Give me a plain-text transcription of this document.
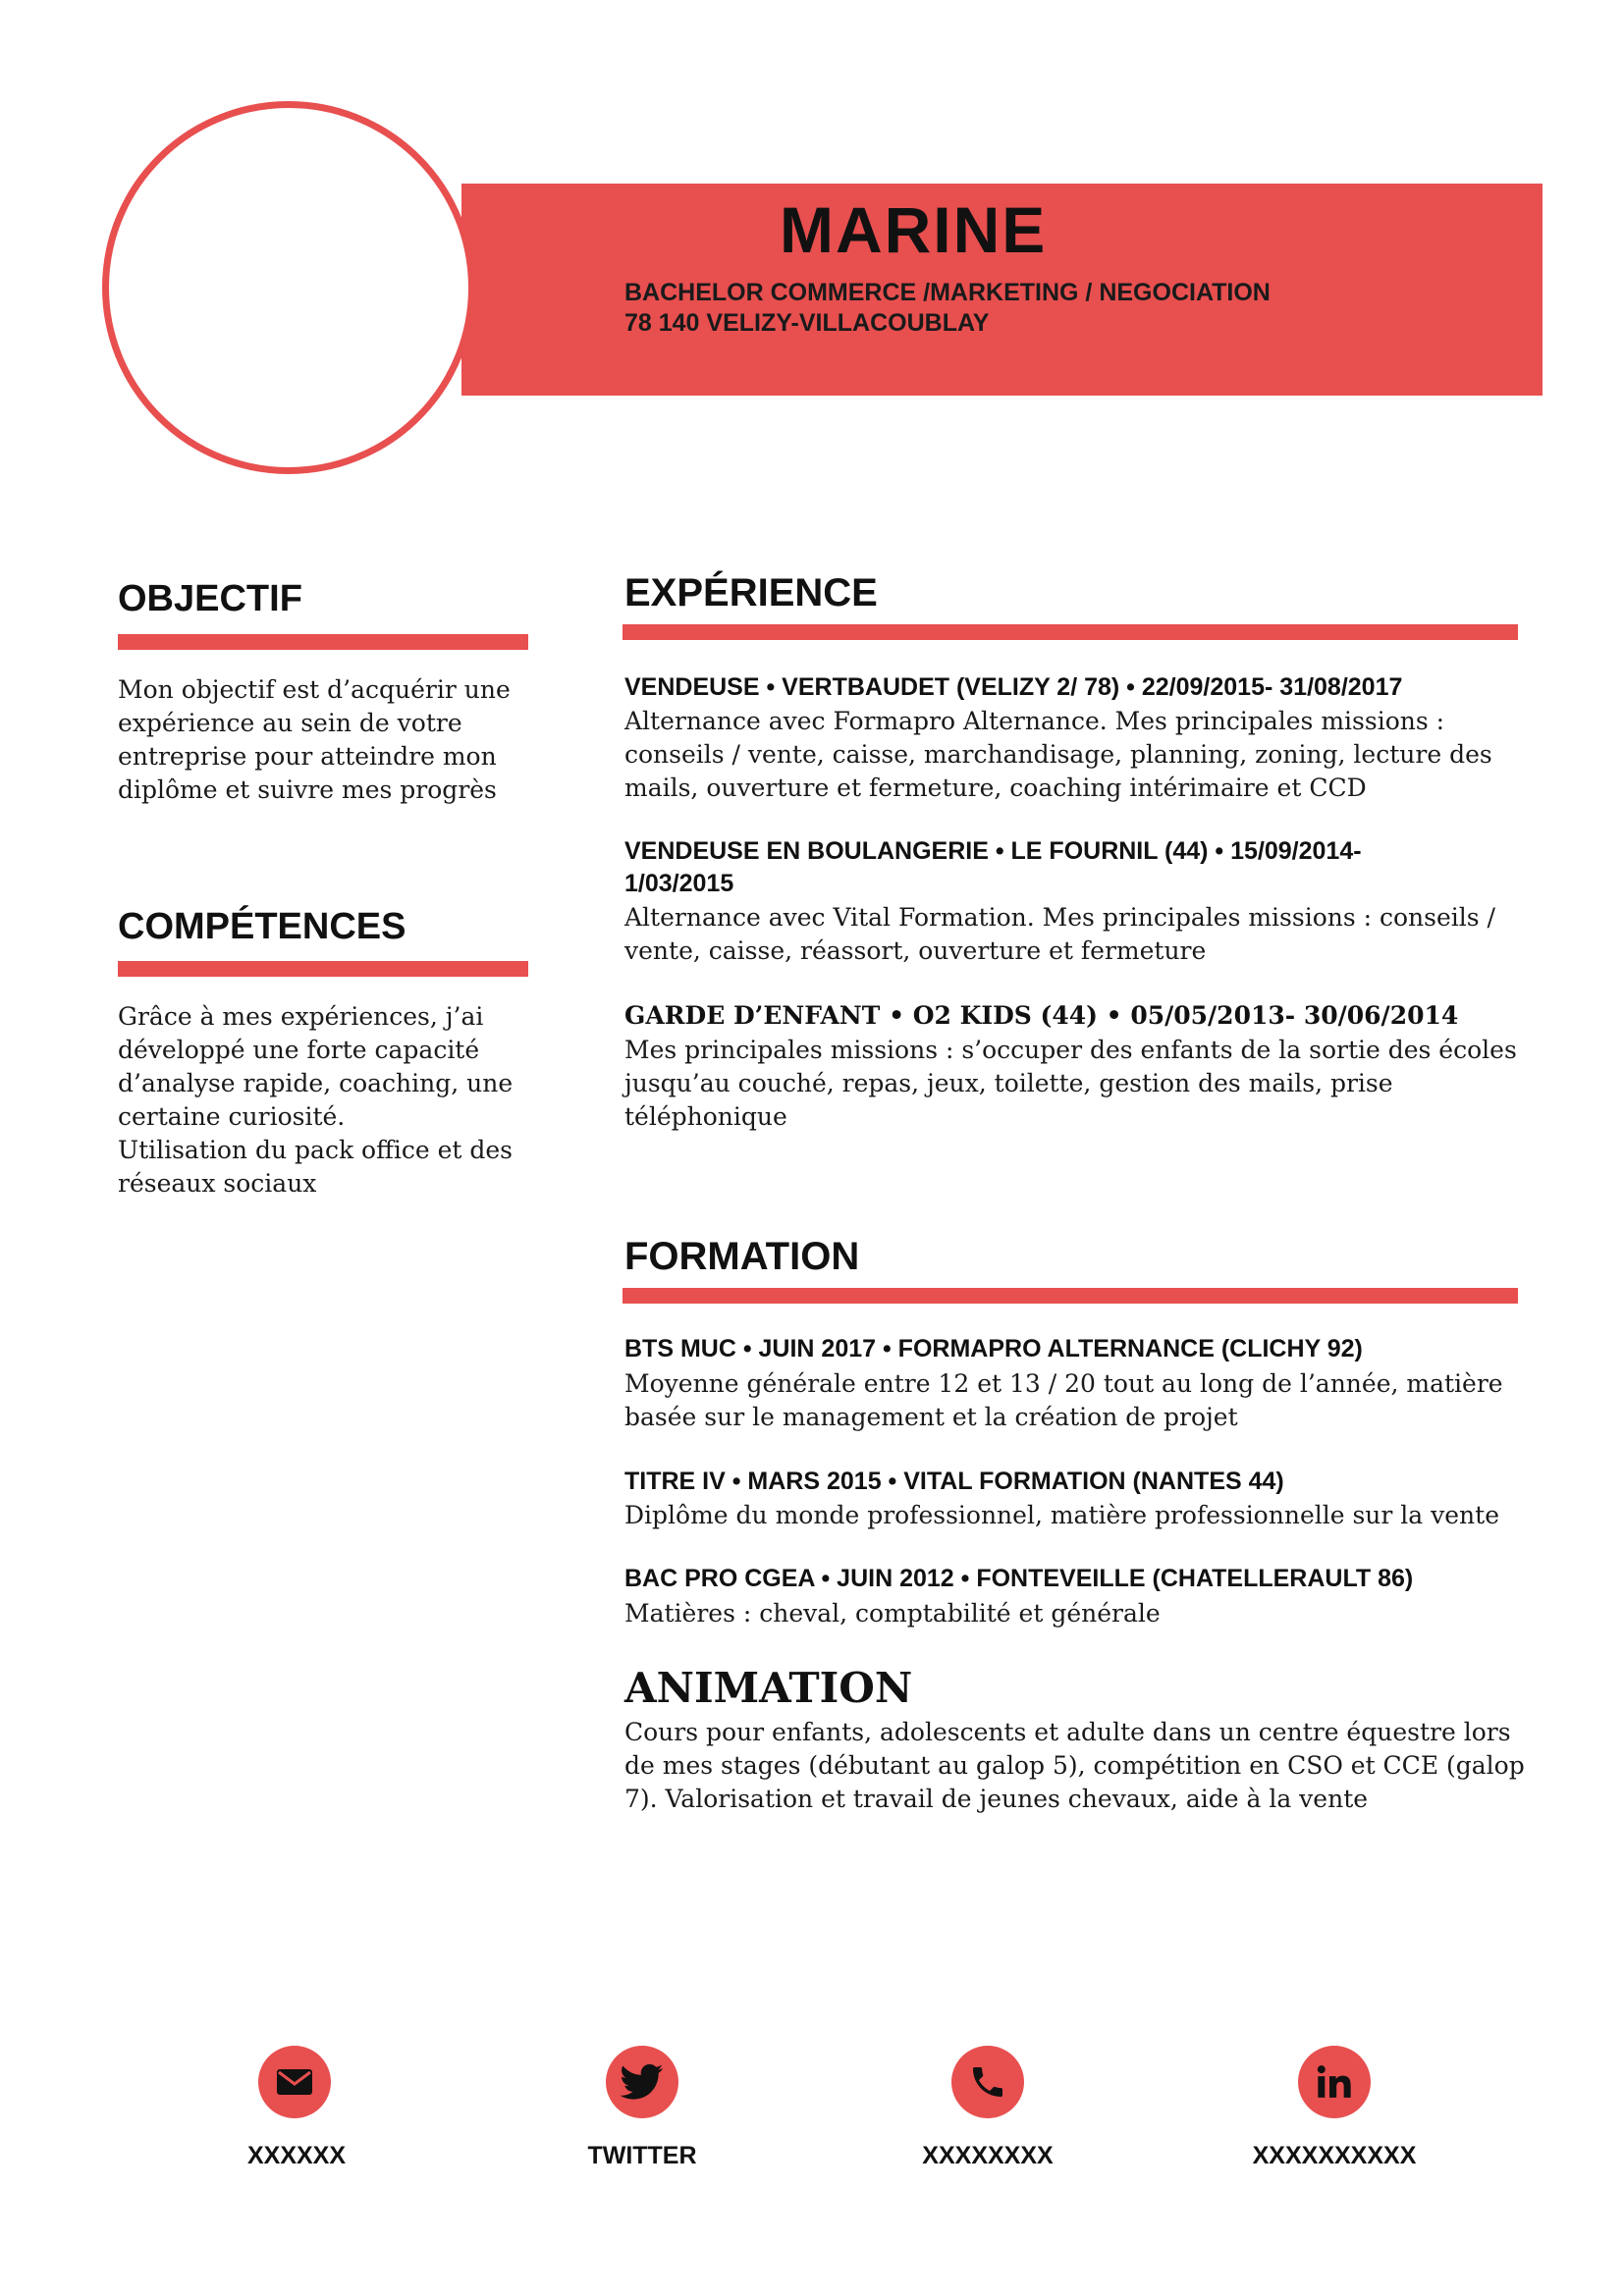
MARINE

BACHELOR COMMERCE /MARKETING / NEGOCIATION

78 140 VELIZY-VILLACOUBLAY

OBJECTIF

Mon objectif est d’acquérir une expérience au sein de votre entreprise pour atteindre mon diplôme et suivre mes progrès

COMPÉTENCES

Grâce à mes expériences, j’ai développé une forte capacité d’analyse rapide, coaching, une certaine curiosité.

Utilisation du pack office et des réseaux sociaux

EXPÉRIENCE

VENDEUSE • VERTBAUDET (VELIZY 2/ 78) • 22/09/2015- 31/08/2017

Alternance avec Formapro Alternance. Mes principales missions : conseils / vente, caisse, marchandisage, planning, zoning, lecture des mails, ouverture et fermeture, coaching intérimaire et CCD

VENDEUSE EN BOULANGERIE • LE FOURNIL (44) • 15/09/2014- 1/03/2015

Alternance avec Vital Formation. Mes principales missions : conseils / vente, caisse, réassort, ouverture et fermeture

GARDE D’ENFANT • O2 KIDS (44) • 05/05/2013- 30/06/2014

Mes principales missions : s’occuper des enfants de la sortie des écoles jusqu’au couché, repas, jeux, toilette, gestion des mails, prise téléphonique

FORMATION

BTS MUC • JUIN 2017 • FORMAPRO ALTERNANCE (CLICHY 92)

Moyenne générale entre 12 et 13 / 20 tout au long de l’année, matière basée sur le management et la création de projet

TITRE IV • MARS 2015 • VITAL FORMATION (NANTES 44)

Diplôme du monde professionnel, matière professionnelle sur la vente

BAC PRO CGEA • JUIN 2012 • FONTEVEILLE (CHATELLERAULT 86)

Matières : cheval, comptabilité et générale

ANIMATION

Cours pour enfants, adolescents et adulte dans un centre équestre lors de mes stages (débutant au galop 5), compétition en CSO et CCE (galop 7). Valorisation et travail de jeunes chevaux, aide à la vente

XXXXXX	TWITTER	XXXXXXXX	XXXXXXXXXX
